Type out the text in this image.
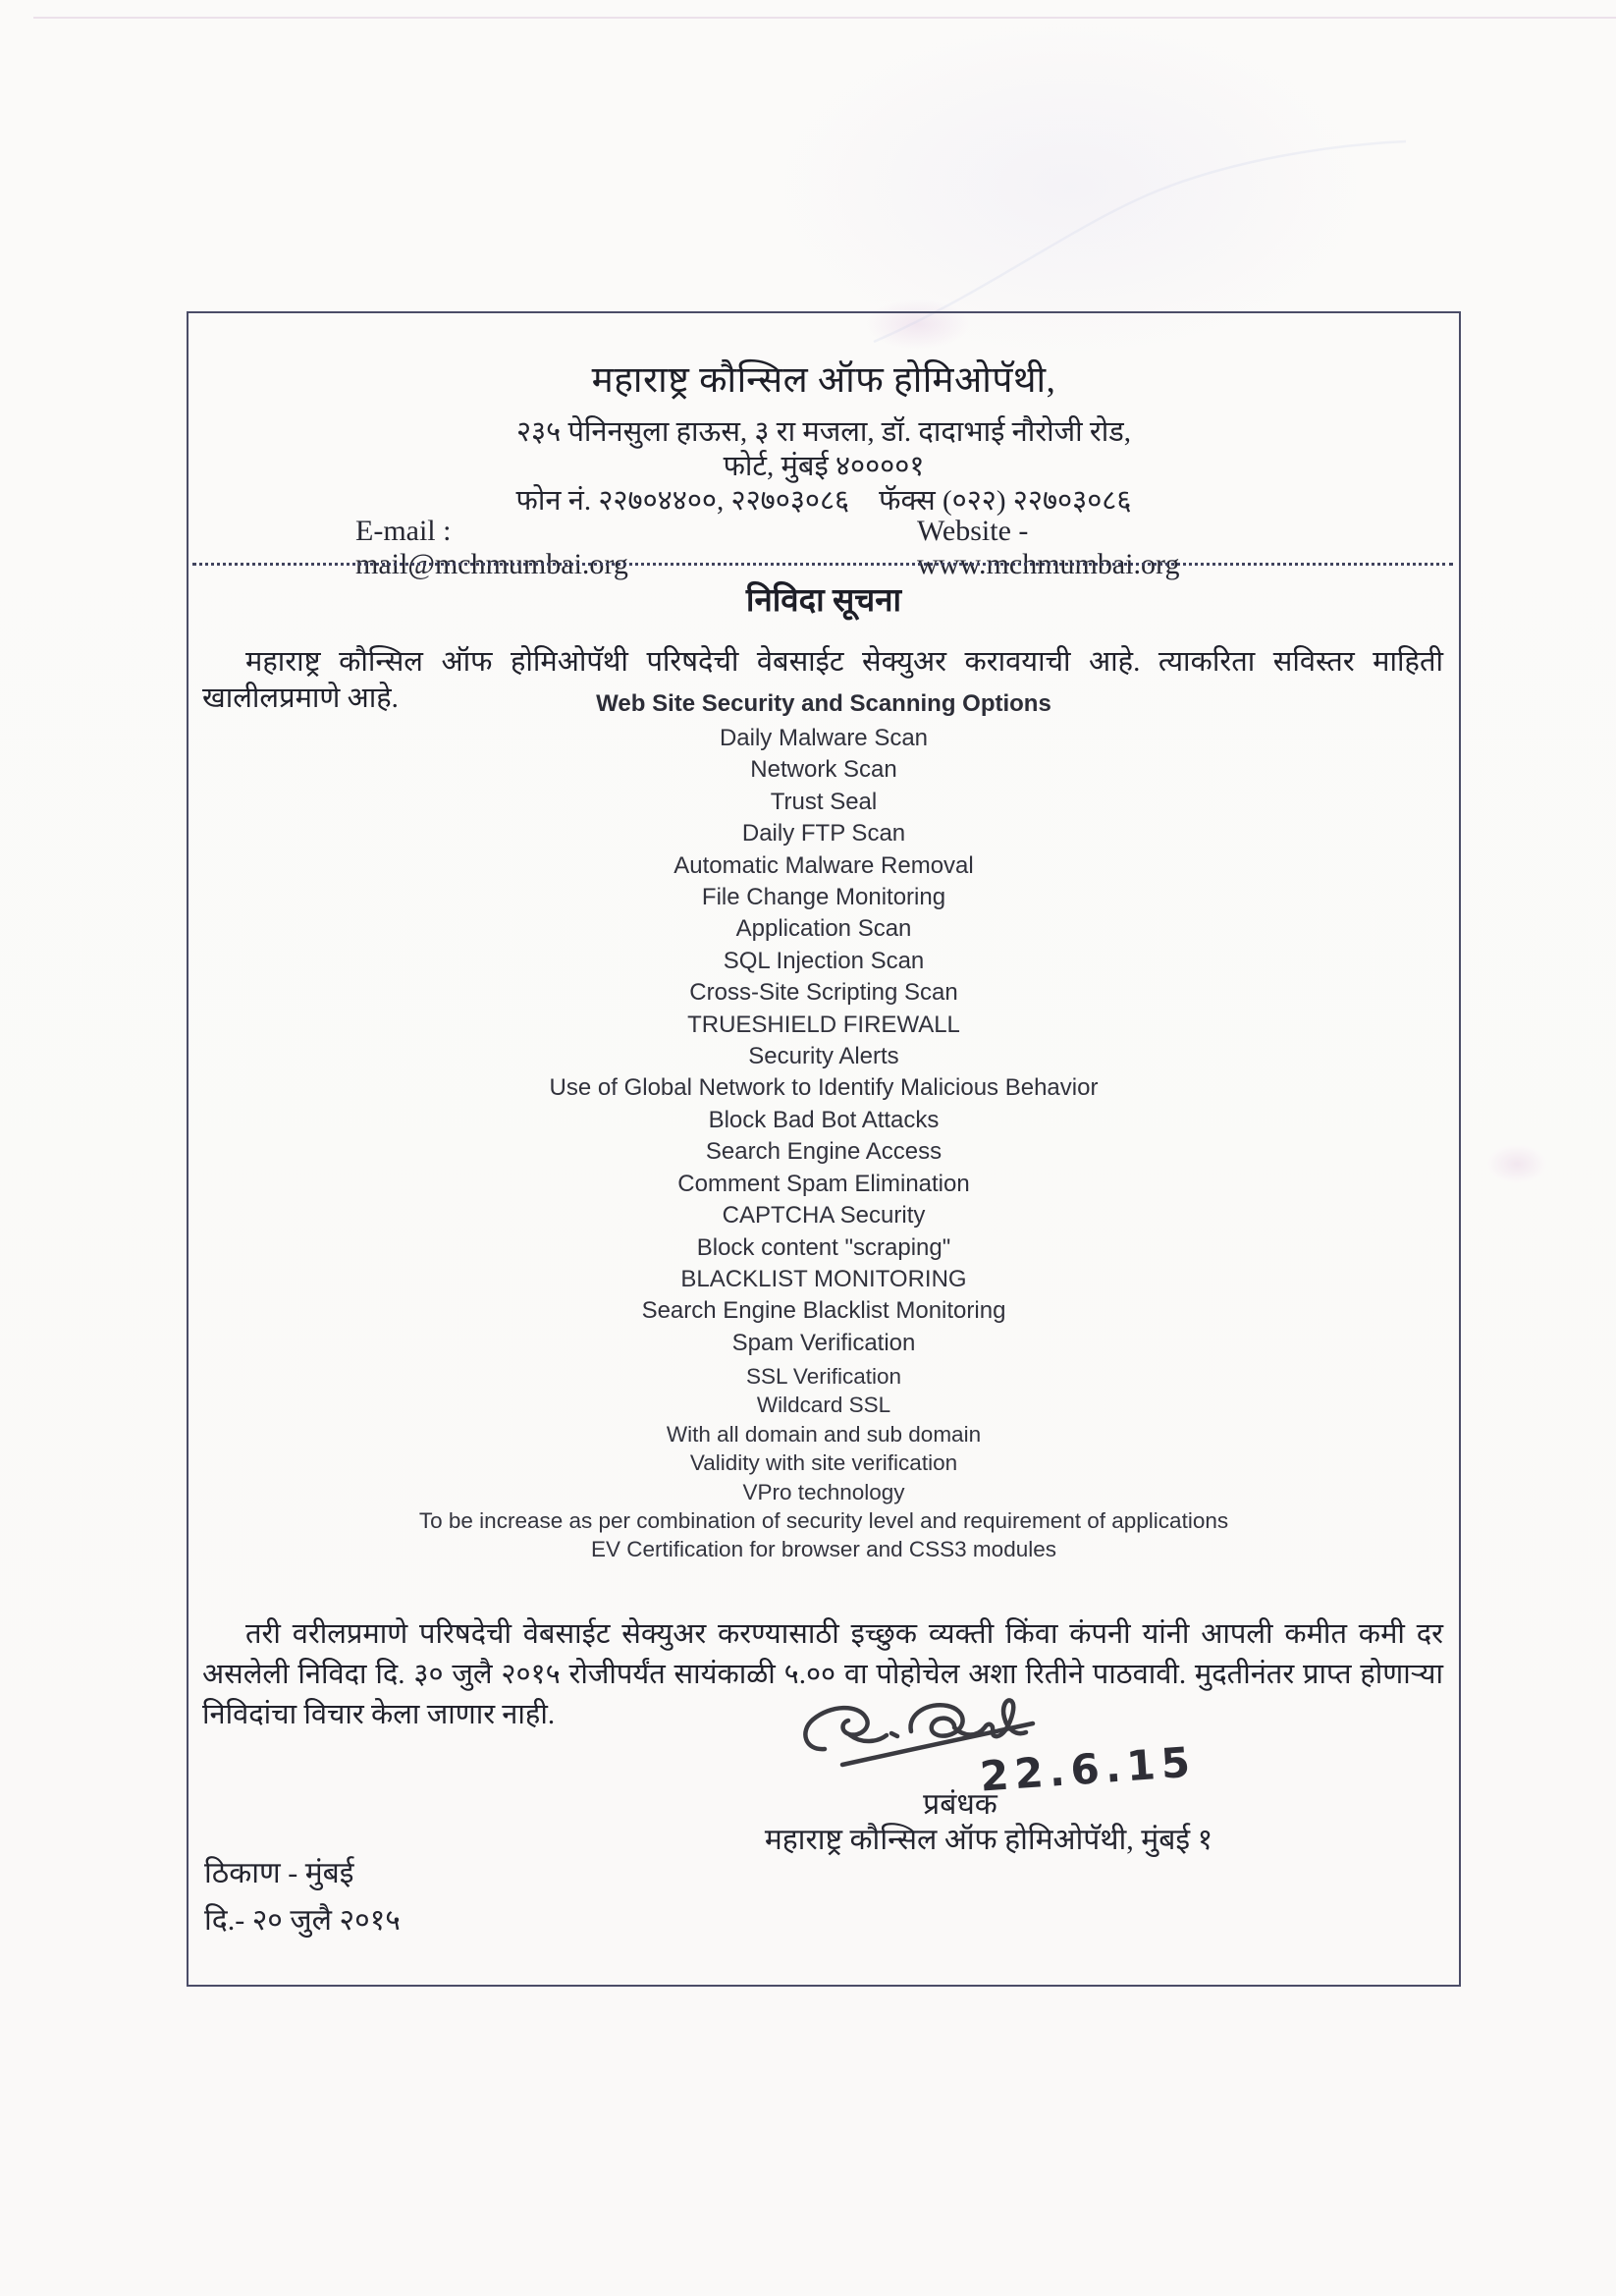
महाराष्ट्र कौन्सिल ऑफ होमिओपॅथी,
२३५ पेनिनसुला हाऊस, ३ रा मजला, डॉ. दादाभाई नौरोजी रोड,
फोर्ट, मुंबई ४००००१
फोन नं. २२७०४४००, २२७०३०८६ फॅक्स (०२२) २२७०३०८६
E-mail : mail@mchmumbai.org
Website - www.mchmumbai.org
निविदा सूचना

महाराष्ट्र कौन्सिल ऑफ होमिओपॅथी परिषदेची वेबसाईट सेक्युअर करावयाची आहे. त्याकरिता सविस्तर माहिती खालीलप्रमाणे आहे.	Web Site Security and Scanning Options
Daily Malware Scan
Network Scan
Trust Seal
Daily FTP Scan
Automatic Malware Removal
File Change Monitoring
Application Scan
SQL Injection Scan
Cross-Site Scripting Scan
TRUESHIELD FIREWALL
Security Alerts
Use of Global Network to Identify Malicious Behavior
Block Bad Bot Attacks
Search Engine Access
Comment Spam Elimination
CAPTCHA Security
Block content "scraping"
BLACKLIST MONITORING
Search Engine Blacklist Monitoring
Spam Verification
SSL Verification
Wildcard SSL
With all domain and sub domain
Validity with site verification
VPro technology
To be increase as per combination of security level and requirement of applications
EV Certification for browser and CSS3 modules

तरी वरीलप्रमाणे परिषदेची वेबसाईट सेक्युअर करण्यासाठी इच्छुक व्यक्ती किंवा कंपनी यांनी आपली कमीत कमी दर असलेली निविदा दि. ३० जुलै २०१५ रोजीपर्यंत सायंकाळी ५.०० वा पोहोचेल अशा रितीने पाठवावी. मुदतीनंतर प्राप्त होणाऱ्या निविदांचा विचार केला जाणार नाही.

22.6.15
प्रबंधक
महाराष्ट्र कौन्सिल ऑफ होमिओपॅथी, मुंबई १
ठिकाण - मुंबई
दि.- २० जुलै २०१५
